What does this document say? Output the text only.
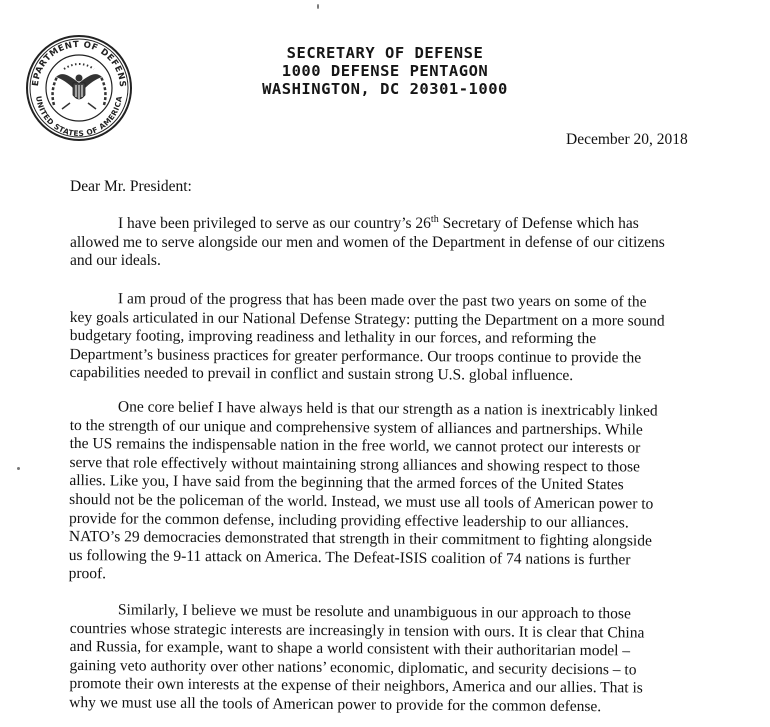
EPARTMENT OF DEFENS
UNITED STATES OF AMERICA
SECRETARY OF DEFENSE
1000 DEFENSE PENTAGON
WASHINGTON, DC 20301-1000
December 20, 2018
Dear Mr. President:
I have been privileged to serve as our country’s 26th Secretary of Defense which has
allowed me to serve alongside our men and women of the Department in defense of our citizens
and our ideals.
I am proud of the progress that has been made over the past two years on some of the
key goals articulated in our National Defense Strategy: putting the Department on a more sound
budgetary footing, improving readiness and lethality in our forces, and reforming the
Department’s business practices for greater performance. Our troops continue to provide the
capabilities needed to prevail in conflict and sustain strong U.S. global influence.
One core belief I have always held is that our strength as a nation is inextricably linked
to the strength of our unique and comprehensive system of alliances and partnerships. While
the US remains the indispensable nation in the free world, we cannot protect our interests or
serve that role effectively without maintaining strong alliances and showing respect to those
allies. Like you, I have said from the beginning that the armed forces of the United States
should not be the policeman of the world. Instead, we must use all tools of American power to
provide for the common defense, including providing effective leadership to our alliances.
NATO’s 29 democracies demonstrated that strength in their commitment to fighting alongside
us following the 9-11 attack on America. The Defeat-ISIS coalition of 74 nations is further
proof.
Similarly, I believe we must be resolute and unambiguous in our approach to those
countries whose strategic interests are increasingly in tension with ours. It is clear that China
and Russia, for example, want to shape a world consistent with their authoritarian model –
gaining veto authority over other nations’ economic, diplomatic, and security decisions – to
promote their own interests at the expense of their neighbors, America and our allies. That is
why we must use all the tools of American power to provide for the common defense.
